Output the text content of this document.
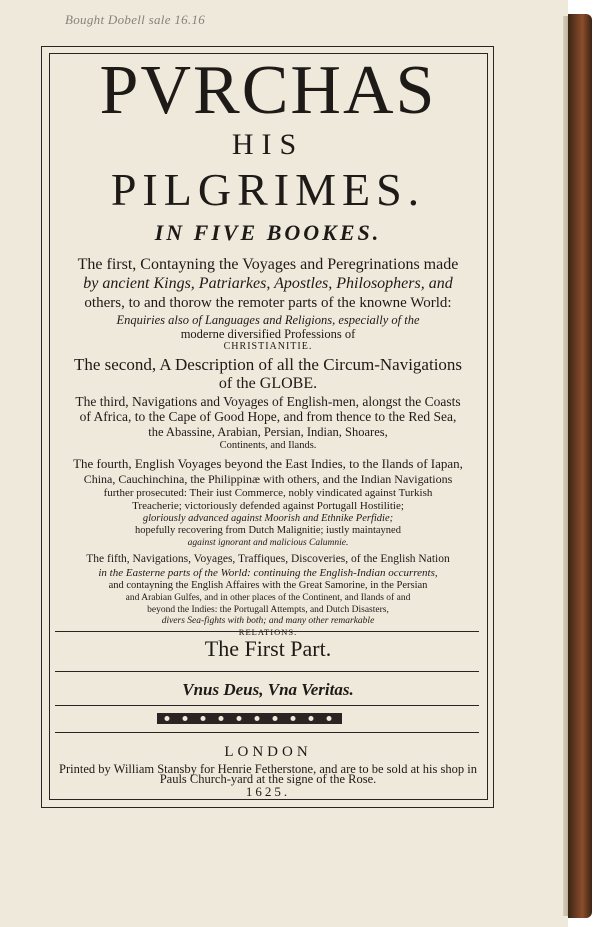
Bought Dobell sale 16.16
PVRCHAS
HIS
PILGRIMES.
IN FIVE BOOKES.
The first, Contayning the Voyages and Peregrinations made
by ancient Kings, Patriarkes, Apostles, Philosophers, and
others, to and thorow the remoter parts of the knowne World:
Enquiries also of Languages and Religions, especially of the
moderne diversified Professions of
CHRISTIANITIE.
The second, A Description of all the Circum-Navigations
of the GLOBE.
The third, Navigations and Voyages of English-men, alongst the Coasts
of Africa, to the Cape of Good Hope, and from thence to the Red Sea,
the Abassine, Arabian, Persian, Indian, Shoares,
Continents, and Ilands.
The fourth, English Voyages beyond the East Indies, to the Ilands of Iapan,
China, Cauchinchina, the Philippinæ with others, and the Indian Navigations
further prosecuted: Their iust Commerce, nobly vindicated against Turkish
Treacherie; victoriously defended against Portugall Hostilitie;
gloriously advanced against Moorish and Ethnike Perfidie;
hopefully recovering from Dutch Malignitie; iustly maintayned
against ignorant and malicious Calumnie.
The fifth, Navigations, Voyages, Traffiques, Discoveries, of the English Nation
in the Easterne parts of the World: continuing the English-Indian occurrents,
and contayning the English Affaires with the Great Samorine, in the Persian
and Arabian Gulfes, and in other places of the Continent, and Ilands of and
beyond the Indies: the Portugall Attempts, and Dutch Disasters,
divers Sea-fights with both; and many other remarkable
RELATIONS.
The First Part.
Vnus Deus, Vna Veritas.
LONDON
Printed by William Stansby for Henrie Fetherstone, and are to be sold at his shop in
Pauls Church-yard at the signe of the Rose.
1625.
